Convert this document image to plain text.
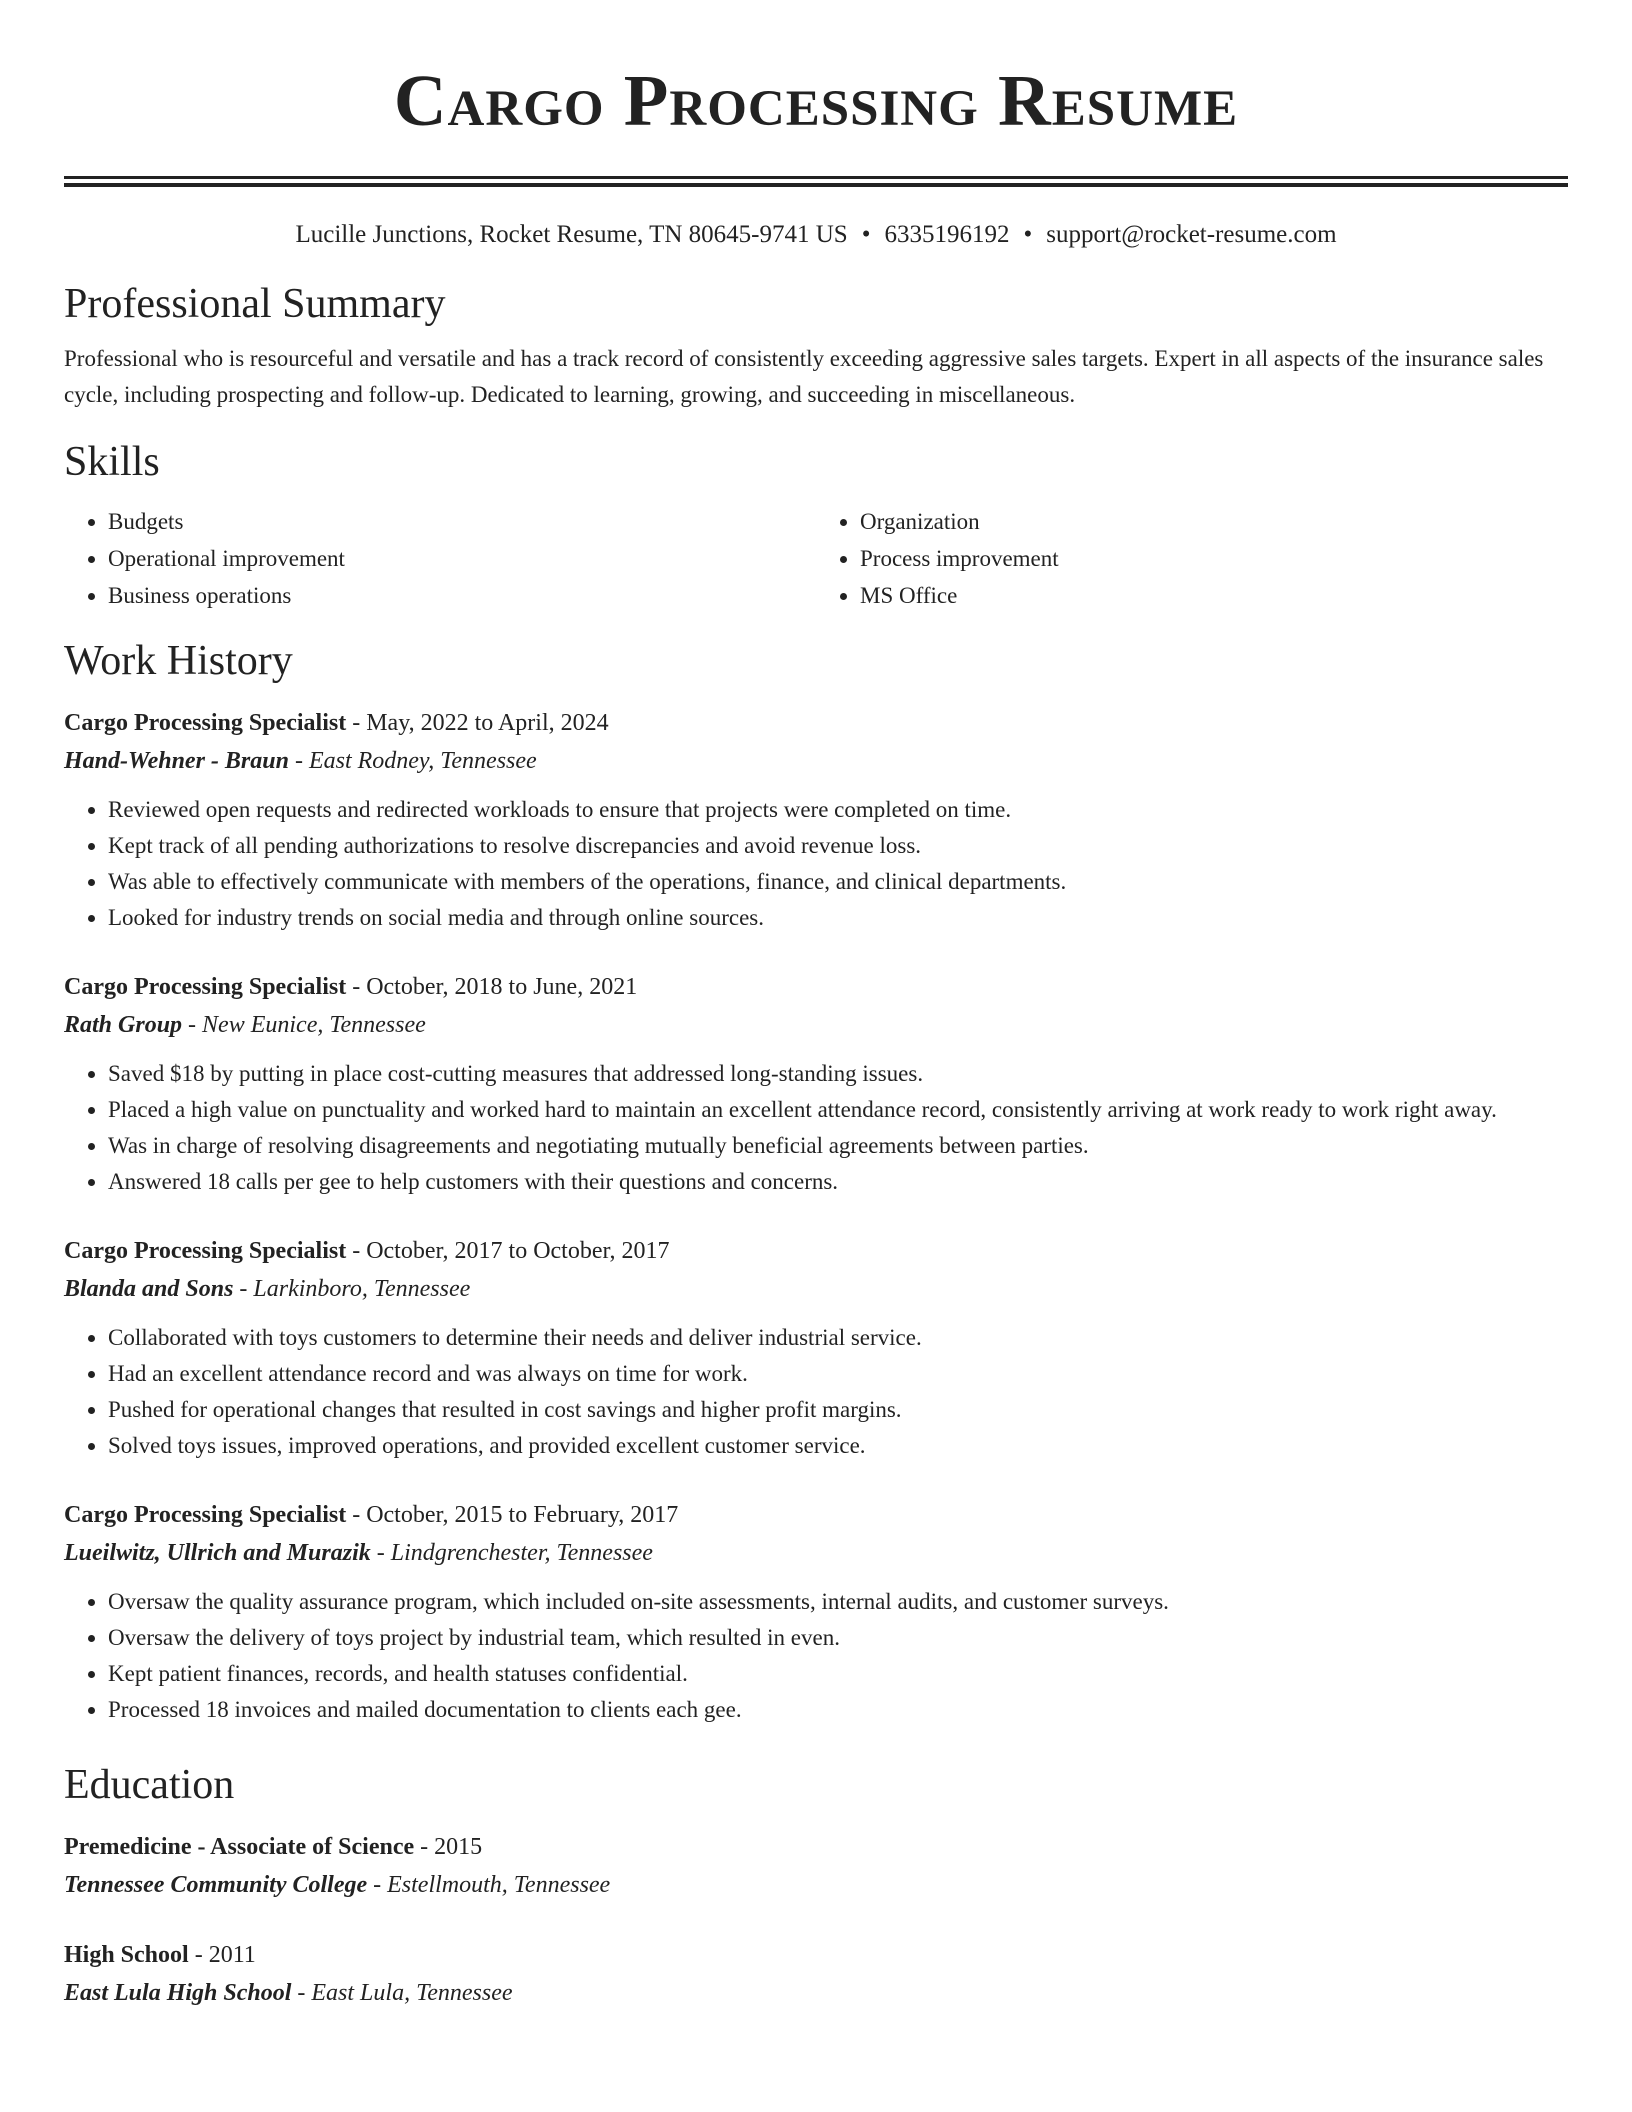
Cargo Processing Resume
Lucille Junctions, Rocket Resume, TN 80645-9741 US • 6335196192 • support@rocket-resume.com
Professional Summary
Professional who is resourceful and versatile and has a track record of consistently exceeding aggressive sales targets. Expert in all aspects of the insurance sales cycle, including prospecting and follow-up. Dedicated to learning, growing, and succeeding in miscellaneous.
Skills
• Budgets
• Operational improvement
• Business operations
• Organization
• Process improvement
• MS Office
Work History
Cargo Processing Specialist - May, 2022 to April, 2024
Hand-Wehner - Braun - East Rodney, Tennessee
• Reviewed open requests and redirected workloads to ensure that projects were completed on time.
• Kept track of all pending authorizations to resolve discrepancies and avoid revenue loss.
• Was able to effectively communicate with members of the operations, finance, and clinical departments.
• Looked for industry trends on social media and through online sources.
Cargo Processing Specialist - October, 2018 to June, 2021
Rath Group - New Eunice, Tennessee
• Saved $18 by putting in place cost-cutting measures that addressed long-standing issues.
• Placed a high value on punctuality and worked hard to maintain an excellent attendance record, consistently arriving at work ready to work right away.
• Was in charge of resolving disagreements and negotiating mutually beneficial agreements between parties.
• Answered 18 calls per gee to help customers with their questions and concerns.
Cargo Processing Specialist - October, 2017 to October, 2017
Blanda and Sons - Larkinboro, Tennessee
• Collaborated with toys customers to determine their needs and deliver industrial service.
• Had an excellent attendance record and was always on time for work.
• Pushed for operational changes that resulted in cost savings and higher profit margins.
• Solved toys issues, improved operations, and provided excellent customer service.
Cargo Processing Specialist - October, 2015 to February, 2017
Lueilwitz, Ullrich and Murazik - Lindgrenchester, Tennessee
• Oversaw the quality assurance program, which included on-site assessments, internal audits, and customer surveys.
• Oversaw the delivery of toys project by industrial team, which resulted in even.
• Kept patient finances, records, and health statuses confidential.
• Processed 18 invoices and mailed documentation to clients each gee.
Education
Premedicine - Associate of Science - 2015
Tennessee Community College - Estellmouth, Tennessee
High School - 2011
East Lula High School - East Lula, Tennessee
